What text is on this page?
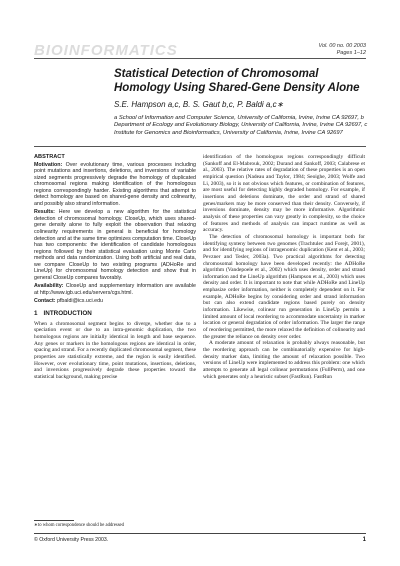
BIOINFORMATICS	Vol. 00 no. 00 2003
Pages 1–12
Statistical Detection of Chromosomal Homology Using Shared-Gene Density Alone
S.E. Hampson a,c, B. S. Gaut b,c, P. Baldi a,c∗
a School of Information and Computer Science, University of California, Irvine, Irvine CA 92697, b Department of Ecology and Evolutionary Biology, University of California, Irvine, Irvine CA 92697, c Institute for Genomics and Bioinformatics, University of California, Irvine, Irvine CA 92697
ABSTRACT

Motivation: Over evolutionary time, various processes including point mutations and insertions, deletions, and inversions of variable sized segments progressively degrade the homology of duplicated chromosomal regions making identification of the homologous regions correspondingly harder. Existing algorithms that attempt to detect homology are based on shared-gene density and colinearity, and possibly also strand information.

Results: Here we develop a new algorithm for the statistical detection of chromosomal homology. CloseUp, which uses shared-gene density alone to fully exploit the observation that relaxing colinearity requirements in general is beneficial for homology detection and at the same time optimizes computation time. CloseUp has two components: the identification of candidate homologous regions followed by their statistical evaluation using Monte Carlo methods and data randomization. Using both artificial and real data, we compare CloseUp to two existing programs (ADHoRe and LineUp) for chromosomal homology detection and show that in general CloseUp compares favorably.

Availability: CloseUp and supplementary information are available at http://www.igb.uci.edu/servers/cgs.html.

Contact: pfbaldi@ics.uci.edu

1 INTRODUCTION

When a chromosomal segment begins to diverge, whether due to a speciation event or due to an intra-genomic duplication, the two homologous regions are initially identical in length and base sequence. Any genes or markers in the homologous regions are identical in order, spacing and strand. For a recently duplicated chromosomal segment, these properties are statistically extreme, and the region is easily identified. However, over evolutionary time, point mutations, insertions, deletions, and inversions progressively degrade these properties toward the statistical background, making precise

identification of the homologous regions correspondingly difficult (Sankoff and El-Mabrouk, 2002; Durand and Sankoff, 2003; Calabrese et al., 2003). The relative rates of degradation of these properties is an open empirical question (Nadeau and Taylor, 1984; Seoighe, 2003; Wolfe and Li, 2003), so it is not obvious which features, or combination of features, are most useful for detecting highly degraded homology. For example, if insertions and deletions dominate, the order and strand of shared genes/markers may be more conserved than their density. Conversely, if inversions dominate, density may be more informative. Algorithmic analysis of these properties can vary greatly in complexity, so the choice of features and methods of analysis can impact runtime as well as accuracy.

The detection of chromosomal homology is important both for identifying synteny between two genomes (Trachtulec and Forejt, 2001), and for identifying regions of intragenomic duplication (Kent et al., 2003; Pevzner and Tesler, 2003a). Two practical algorithms for detecting chromosomal homology have been developed recently: the ADHoRe algorithm (Vandepoele et al., 2002) which uses density, order and strand information and the LineUp algorithm (Hampson et al., 2003) which uses density and order. It is important to note that while ADHoRe and LineUp emphasize order information, neither is completely dependent on it. For example, ADHoRe begins by considering order and strand information but can also extend candidate regions based purely on density information. Likewise, colinear run generation in LineUp permits a limited amount of local reordering to accommodate uncertainty in marker location or general degradation of order information. The larger the range of reordering permitted, the more relaxed the definition of colinearity and the greater the reliance on density over order.

A moderate amount of relaxation is probably always reasonable, but the reordering approach can be combinatorially expensive for high-density marker data, limiting the amount of relaxation possible. Two versions of LineUp were implemented to address this problem: one which attempts to generate all legal colinear permutations (FullPerm), and one which generates only a heuristic subset (FastRun). FastRun

∗to whom correspondence should be addressed
© Oxford University Press 2003.	1
